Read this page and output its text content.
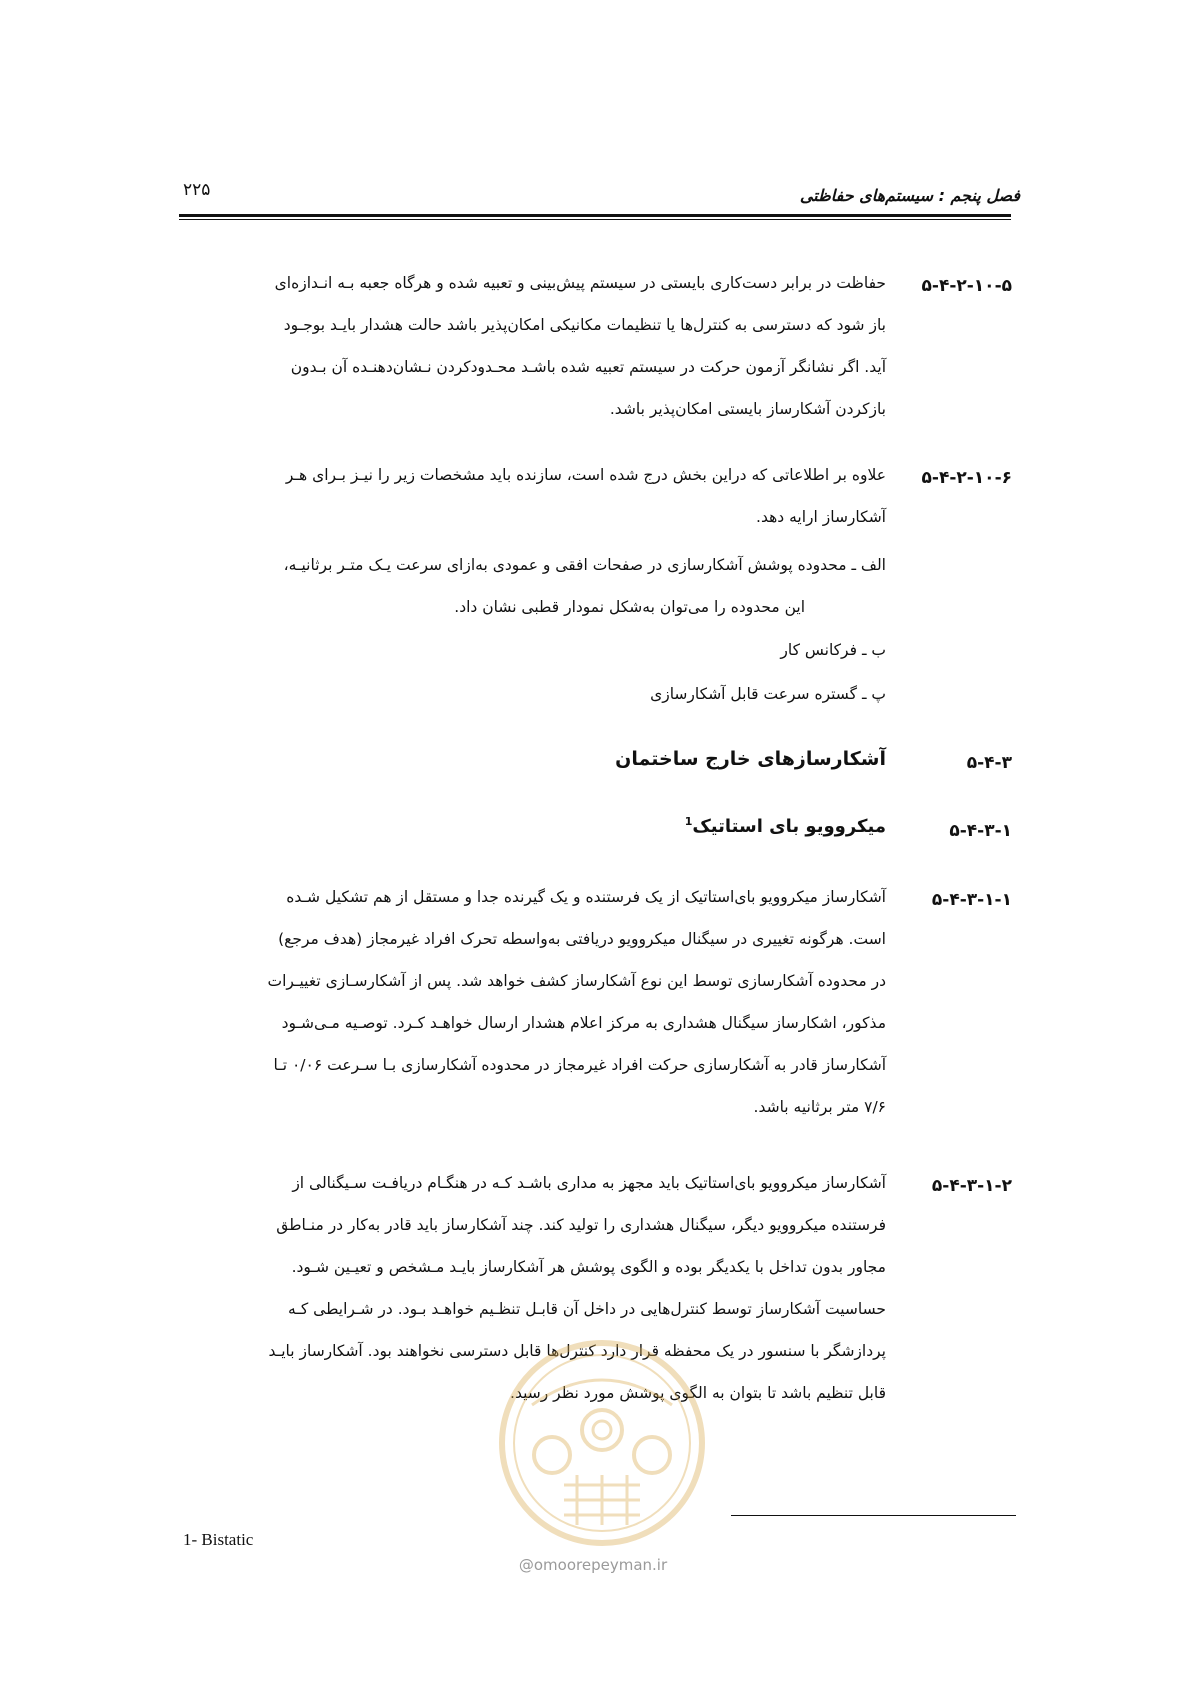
فصل پنجم : سیستم‌های حفاظتی
۲۲۵
۵-۴-۲-۱۰-۵
حفاظت در برابر دست‌کاری بایستی در سیستم پیش‌بینی و تعبیه شده و هرگاه جعبه بـه انـدازه‌ای
باز شود که دسترسی به کنترل‌ها یا تنظیمات مکانیکی امکان‌پذیر باشد حالت هشدار بایـد بوجـود
آید. اگر نشانگر آزمون حرکت در سیستم تعبیه شده باشـد محـدودکردن نـشان‌دهنـده آن بـدون
بازکردن آشکارساز بایستی امکان‌پذیر باشد.
۵-۴-۲-۱۰-۶
علاوه بر اطلاعاتی که دراین بخش درج شده است، سازنده باید مشخصات زیر را نیـز بـرای هـر
آشکارساز ارایه دهد.
الف ـ محدوده پوشش آشکارسازی در صفحات افقی و عمودی به‌ازای سرعت یـک متـر برثانیـه،
این محدوده را می‌توان به‌شکل نمودار قطبی نشان داد.
ب ـ فرکانس کار
پ ـ گستره سرعت قابل آشکارسازی
۵-۴-۳
آشکارسازهای خارج ساختمان
۵-۴-۳-۱
میکروویو بای استاتیک$^1$
۵-۴-۳-۱-۱
آشکارساز میکروویو بای‌استاتیک از یک فرستنده و یک گیرنده جدا و مستقل از هم تشکیل شـده
است. هرگونه تغییری در سیگنال میکروویو دریافتی به‌واسطه تحرک افراد غیرمجاز (هدف مرجع)
در محدوده آشکارسازی توسط این نوع آشکارساز کشف خواهد شد. پس از آشکارسـازی تغییـرات
مذکور، اشکارساز سیگنال هشداری به مرکز اعلام هشدار ارسال خواهـد کـرد. توصـیه مـی‌شـود
آشکارساز قادر به آشکارسازی حرکت افراد غیرمجاز در محدوده آشکارسازی بـا سـرعت ۰/۰۶ تـا
۷/۶ متر برثانیه باشد.
۵-۴-۳-۱-۲
آشکارساز میکروویو بای‌استاتیک باید مجهز به مداری باشـد کـه در هنگـام دریافـت سـیگنالی از
فرستنده میکروویو دیگر، سیگنال هشداری را تولید کند. چند آشکارساز باید قادر به‌کار در منـاطق
مجاور بدون تداخل با یکدیگر بوده و الگوی پوشش هر آشکارساز بایـد مـشخص و تعیـین شـود.
حساسیت آشکارساز توسط کنترل‌هایی در داخل آن قابـل تنظـیم خواهـد بـود. در شـرایطی کـه
پردازشگر با سنسور در یک محفظه قرار دارد کنترل‌ها قابل دسترسی نخواهند بود. آشکارساز بایـد
قابل تنظیم باشد تا بتوان به الگوی پوشش مورد نظر رسید.
@omoorepeyman.ir
1- Bistatic
